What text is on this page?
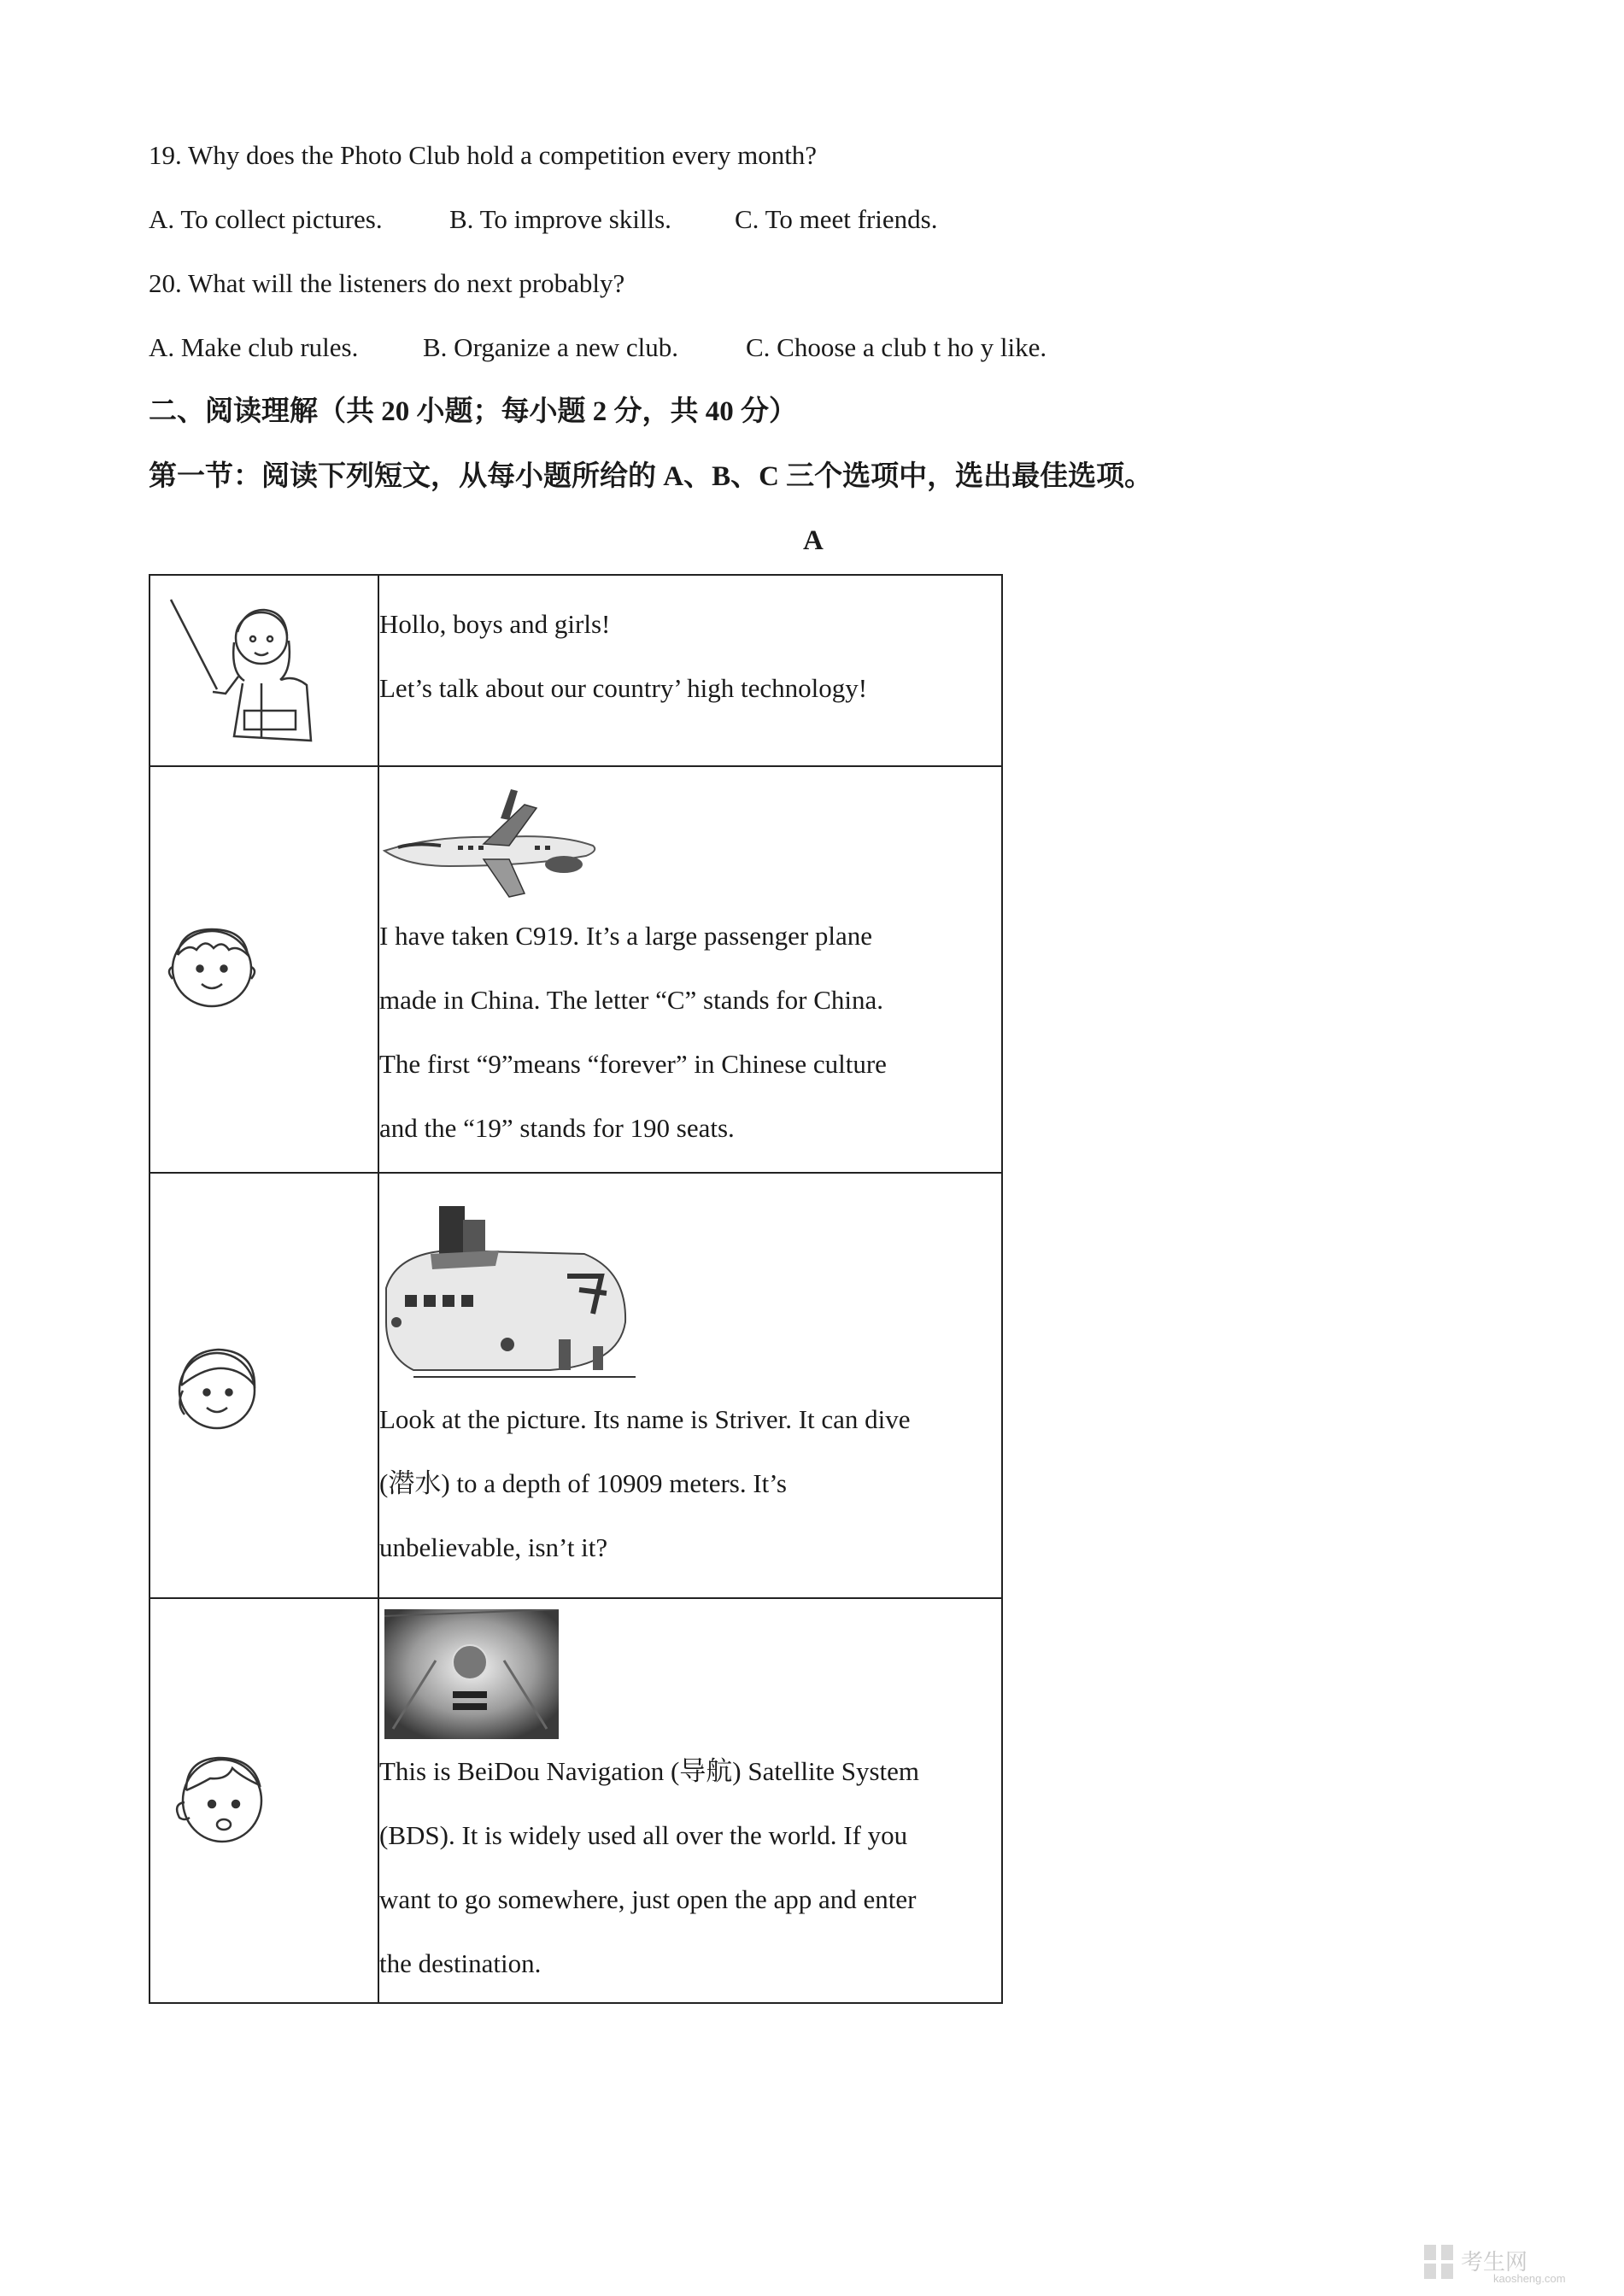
19. Why does the Photo Club hold a competition every month?
A. To collect pictures.	B. To improve skills. C. To meet friends.
20. What will the listeners do next probably?
A. Make club rules. B. Organize a new club.	C. Choose a club t ho y like.
二、阅读理解（共 20 小题；每小题 2 分，共 40 分）
第一节：阅读下列短文，从每小题所给的 A、B、C 三个选项中，选出最佳选项。
A

Hollo, boys and girls!
Let’s talk about our country’ high technology!

I have taken C919. It’s a large passenger plane
made in China. The letter “C” stands for China.
The first “9”means “forever” in Chinese culture
and the “19” stands for 190 seats.

Look at the picture. Its name is Striver. It can dive
(潜水) to a depth of 10909 meters. It’s
unbelievable, isn’t it?

This is BeiDou Navigation (导航) Satellite System
(BDS). It is widely used all over the world. If you
want to go somewhere, just open the app and enter
the destination.
考生网
kaosheng.com
